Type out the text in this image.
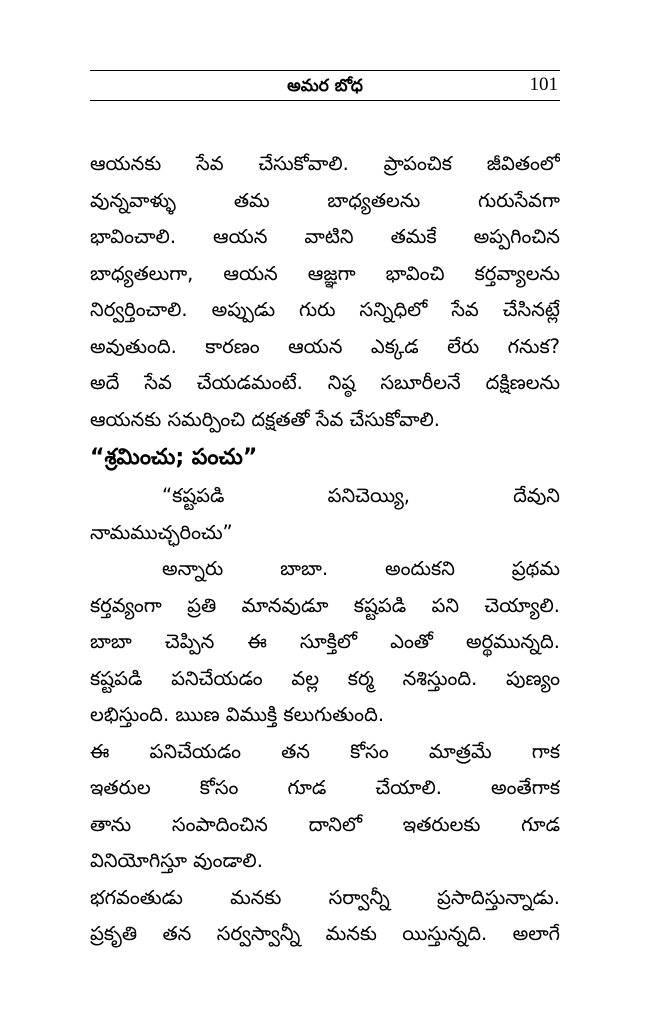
అమర బోధ	101
ఆయనకు సేవ చేసుకోవాలి. ప్రాపంచిక జీవితంలో
వున్నవాళ్ళు తమ బాధ్యతలను గురుసేవగా
భావించాలి. ఆయన వాటిని తమకే అప్పగించిన
బాధ్యతలుగా, ఆయన ఆజ్ఞగా భావించి కర్తవ్యాలను
నిర్వర్తించాలి. అప్పుడు గురు సన్నిధిలో సేవ చేసినట్లే
అవుతుంది. కారణం ఆయన ఎక్కడ లేరు గనుక?
అదే సేవ చేయడమంటే. నిష్ఠ సబూరీలనే దక్షిణలను
ఆయనకు సమర్పించి దక్షతతో సేవ చేసుకోవాలి.
“శ్రమించు; పంచు”
“కష్టపడి పనిచెయ్యి, దేవుని
నామముచ్ఛరించు”
అన్నారు బాబా. అందుకని ప్రథమ
కర్తవ్యంగా ప్రతి మానవుడూ కష్టపడి పని చెయ్యాలి.
బాబా చెప్పిన ఈ సూక్తిలో ఎంతో అర్థమున్నది.
కష్టపడి పనిచేయడం వల్ల కర్మ నశిస్తుంది. పుణ్యం
లభిస్తుంది. ఋణ విముక్తి కలుగుతుంది.
ఈ పనిచేయడం తన కోసం మాత్రమే గాక
ఇతరుల కోసం గూడ చేయాలి. అంతేగాక
తాను సంపాదించిన దానిలో ఇతరులకు గూడ
వినియోగిస్తూ వుండాలి.
భగవంతుడు మనకు సర్వాన్నీ ప్రసాదిస్తున్నాడు.
ప్రకృతి తన సర్వస్వాన్నీ మనకు యిస్తున్నది. అలాగే
